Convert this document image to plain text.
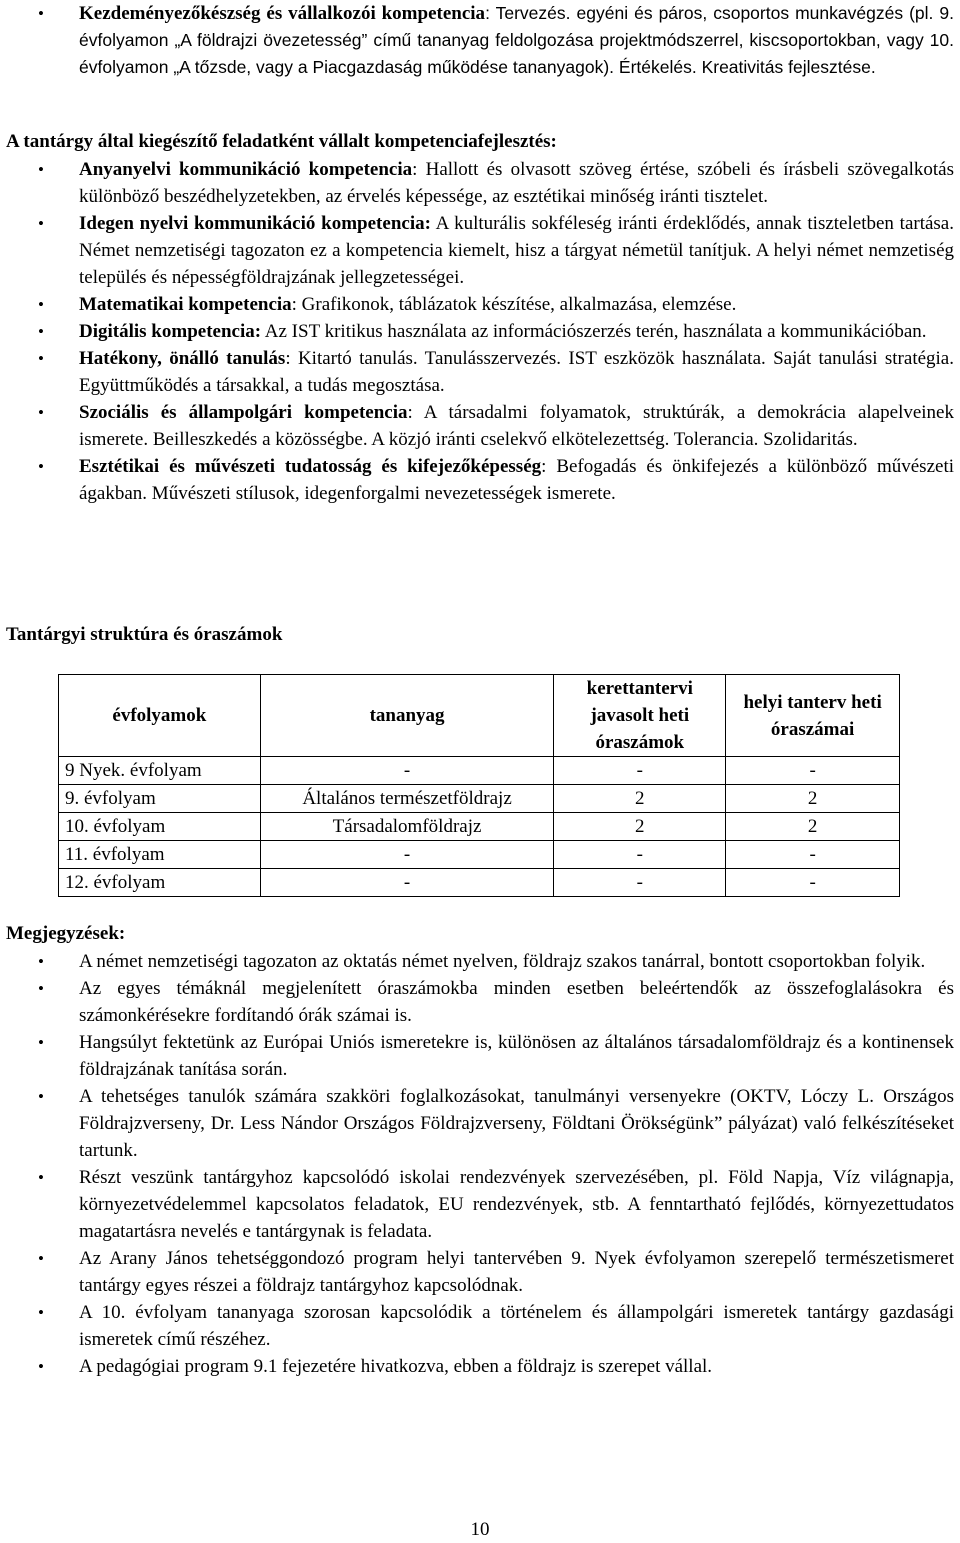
• Kezdeményezőkészség és vállalkozói kompetencia: Tervezés. egyéni és páros, csoportos munkavégzés (pl. 9. évfolyamon „A földrajzi övezetesség” című tananyag feldolgozása projektmódszerrel, kiscsoportokban, vagy 10. évfolyamon „A tőzsde, vagy a Piacgazdaság működése tananyagok). Értékelés. Kreativitás fejlesztése.
A tantárgy által kiegészítő feladatként vállalt kompetenciafejlesztés:
• Anyanyelvi kommunikáció kompetencia: Hallott és olvasott szöveg értése, szóbeli és írásbeli szövegalkotás különböző beszédhelyzetekben, az érvelés képessége, az esztétikai minőség iránti tisztelet.
• Idegen nyelvi kommunikáció kompetencia: A kulturális sokféleség iránti érdeklődés, annak tiszteletben tartása. Német nemzetiségi tagozaton ez a kompetencia kiemelt, hisz a tárgyat németül tanítjuk. A helyi német nemzetiség település és népességföldrajzának jellegzetességei.
• Matematikai kompetencia: Grafikonok, táblázatok készítése, alkalmazása, elemzése.
• Digitális kompetencia: Az IST kritikus használata az információszerzés terén, használata a kommunikációban.
• Hatékony, önálló tanulás: Kitartó tanulás. Tanulásszervezés. IST eszközök használata. Saját tanulási stratégia. Együttműködés a társakkal, a tudás megosztása.
• Szociális és állampolgári kompetencia: A társadalmi folyamatok, struktúrák, a demokrácia alapelveinek ismerete. Beilleszkedés a közösségbe. A közjó iránti cselekvő elkötelezettség. Tolerancia. Szolidaritás.
• Esztétikai és művészeti tudatosság és kifejezőképesség: Befogadás és önkifejezés a különböző művészeti ágakban. Művészeti stílusok, idegenforgalmi nevezetességek ismerete.
Tantárgyi struktúra és óraszámok
évfolyamok	tananyag	kerettantervi javasolt heti óraszámok	helyi tanterv heti óraszámai
9 Nyek. évfolyam	-	-	-
9. évfolyam	Általános természetföldrajz	2	2
10. évfolyam	Társadalomföldrajz	2	2
11. évfolyam	-	-	-
12. évfolyam	-	-	-
Megjegyzések:
• A német nemzetiségi tagozaton az oktatás német nyelven, földrajz szakos tanárral, bontott csoportokban folyik.
• Az egyes témáknál megjelenített óraszámokba minden esetben beleértendők az összefoglalásokra és számonkérésekre fordítandó órák számai is.
• Hangsúlyt fektetünk az Európai Uniós ismeretekre is, különösen az általános társadalomföldrajz és a kontinensek földrajzának tanítása során.
• A tehetséges tanulók számára szakköri foglalkozásokat, tanulmányi versenyekre (OKTV, Lóczy L. Országos Földrajzverseny, Dr. Less Nándor Országos Földrajzverseny, Földtani Örökségünk” pályázat) való felkészítéseket tartunk.
• Részt veszünk tantárgyhoz kapcsolódó iskolai rendezvények szervezésében, pl. Föld Napja, Víz világnapja, környezetvédelemmel kapcsolatos feladatok, EU rendezvények, stb. A fenntartható fejlődés, környezettudatos magatartásra nevelés e tantárgynak is feladata.
• Az Arany János tehetséggondozó program helyi tantervében 9. Nyek évfolyamon szerepelő természetismeret tantárgy egyes részei a földrajz tantárgyhoz kapcsolódnak.
• A 10. évfolyam tananyaga szorosan kapcsolódik a történelem és állampolgári ismeretek tantárgy gazdasági ismeretek című részéhez.
• A pedagógiai program 9.1 fejezetére hivatkozva, ebben a földrajz is szerepet vállal.
10
